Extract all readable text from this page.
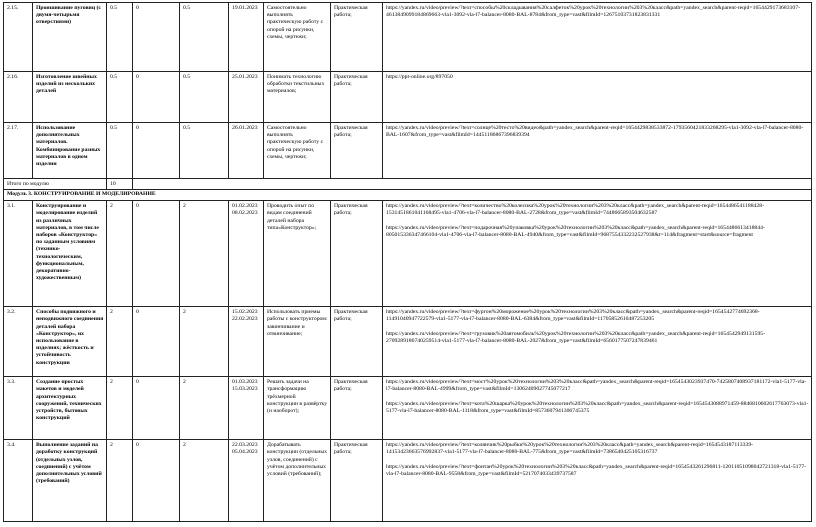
2.15.	Проишивание пуговиц (с двумя-четырьмя отверстиями)	0.5	0	0.5	19.01.2023	Самостоятельно выполнять практическую работу с опорой на рисунки, схемы, чертежи;	Практическая работа;	https://yandex.ru/video/preview/?text=способы%20складывания%20салфеток%20урок%20технологии%203%20класс&path=yandex_search&parent-reqid=1654429173683107-4613849099184869663-vla1-3092-vla-l7-balancer-8080-BAL-8784&from_type=vast&filmId=12675103731823831331

2.16.	Изготовление швейных изделий из нескольких деталей	0.5	0	0.5	25.01.2023	Понимать технологию обработки текстильных материалов;	Практическая работа;	https://ppt-online.org/897050

2.17.	Использование дополнительных материалов. Комбинирование разных материалов в одном изделии	0.5	0	0.5	26.01.2023	Самостоятельно выполнять практическую работу с опорой на рисунки, схемы, чертежи;	Практическая работа;	https://yandex.ru/video/preview/?text=солнце%20тесто%20видео&path=yandex_search&parent-reqid=1654429838533872-1793560421833268295-vla1-3092-vla-l7-balancer-8080-BAL-1607&from_type=vast&filmId=14451186867396839394

Итого по модулю		10						
Модуль 3. КОНСТРУИРОВАНИЕ И МОДЕЛИРОВАНИЕ								
3.1.	Конструирование и моделирование изделий из различных материалов, в том числе наборов «Конструктор» по заданным условиям (технико-технологическим, функциональным, декоративно-художественным)	2	0	2	01.02.2023
08.02.2023	Проводить опыт по видам соединений деталей набора типа«Конструктор»;	Практическая работа;	https://yandex.ru/video/preview/?text=количество%20колесика%20урок%20технологии%203%20класс&path=yandex_search&parent-reqid=1654486541188428-1531451861041168495-vla1-4706-vla-l7-balancer-8080-BAL-2728&from_type=vast&filmId=7448665893504632587
https://yandex.ru/video/preview/?text=подарочная%20упаковка%20урок%20технологии%203%20класс&path=yandex_search&parent-reqid=1654486613418844-805015336347466104-vla1-4706-vla-l7-balancer-8080-BAL-4940&from_type=vast&filmId=9687554332232527938&t=114&fragment=start&source=fragment

3.2.	Способы подвижного и неподвижного соединения деталей набора «Конструктор», их использование в изделиях; жёсткость и устойчивость конструкции	2	0	2	15.02.2023
22.02.2023	Использовать приемы работы с конструктором: завинчивание и отвинчивание;	Практическая работа;	https://yandex.ru/video/preview/?text=фургон%20мороженое%20урок%20технологии%203%20класс&path=yandex_search&parent-reqid=1654542774692368-11491040947722579-vla1-5177-vla-l7-balancer-8080-BAL-6384&from_type=vast&filmId=11705852610487253205
https://yandex.ru/video/preview/?text=грузовик%20автомобиль%20урок%20технологии%203%20класс&path=yandex_search&parent-reqid=1654542949131595-2709289186740259514-vla1-5177-vla-l7-balancer-8080-BAL-2027&from_type=vast&filmId=6560177507247839461

3.3.	Создание простых макетов и моделей архитектурных сооружений, технических устройств, бытовых конструкций	2	0	2	01.03.2023
15.03.2023	Решать задачи на трансформацию трёхмерной конструкции в развёртку (и наоборот);	Практическая работа;	https://yandex.ru/video/preview/?text=мост%20урок%20технологии%203%20класс&path=yandex_search&parent-reqid=1654543023937470-7425807408937181172-vla1-5177-vla-l7-balancer-8080-BAL-4999&from_type=vast&filmId=13062409027745077217
https://yandex.ru/video/preview/?text=кота%20шарка%20урок%20технологии%203%20класс&path=yandex_search&parent-reqid=1654543088971459-8846810602617763073-vla1-5177-vla-l7-balancer-8080-BAL-1118&from_type=vast&filmId=8573607941306745375

3.4.	Выполнение заданий на доработку конструкций (отдельных узлов, соединений) с учётом дополнительных условий (требований)	2	0	2	22.03.2023
05.04.2023	Дорабатывать конструкции (отдельных узлов, соединений) с учётом дополнительных условий (требований);	Практическая работа;	https://yandex.ru/video/preview/?text=колянчик%20рыбки%20урок%20технологии%203%20класс&path=yandex_search&parent-reqid=1654543187113339-14153423663576992837-vla1-5177-vla-l7-balancer-8080-BAL-775&from_type=vast&filmId=7386540425105316737
https://yandex.ru/video/preview/?text=фонтан%20урок%20технологии%203%20класс&path=yandex_search&parent-reqid=1654543261296811-12011051098042721318-vla1-5177-vla-l7-balancer-8080-BAL-9558&from_type=vast&filmId=5217074033439737587
